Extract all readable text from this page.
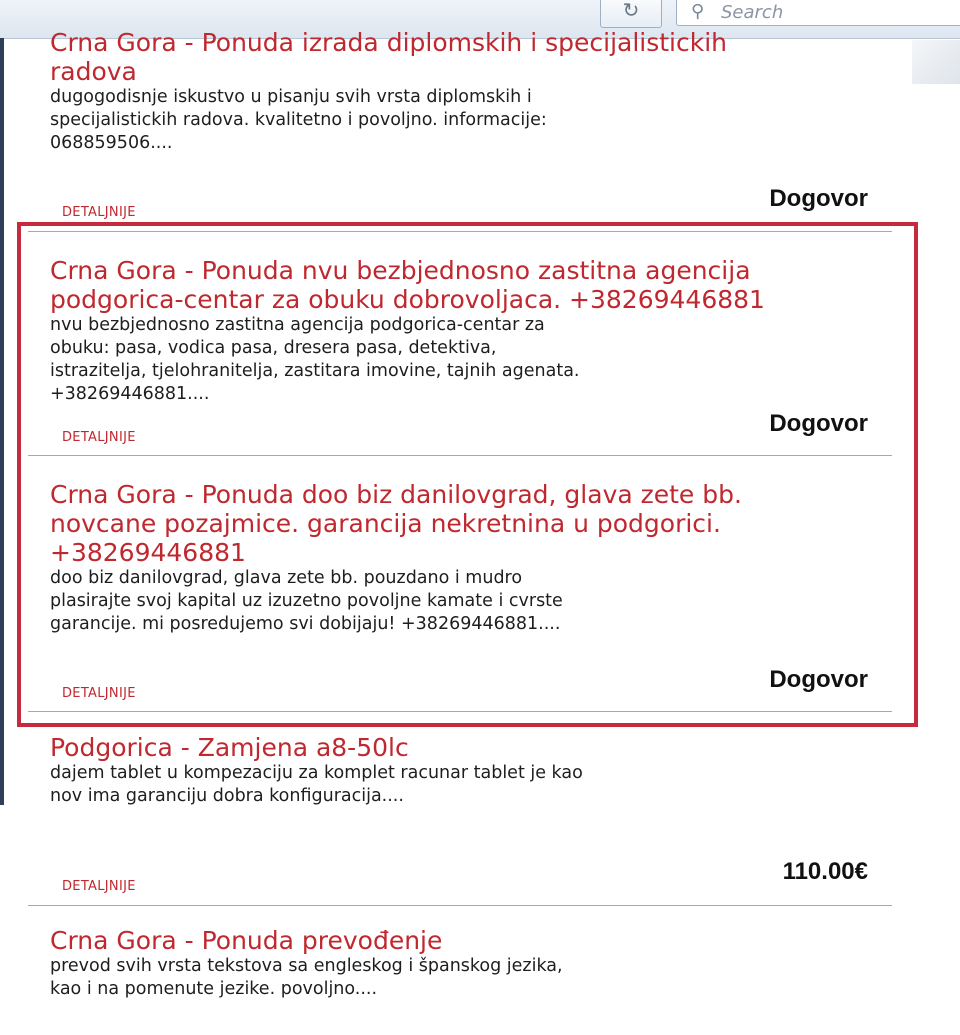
↻	⚲ Search

Crna Gora - Ponuda izrada diplomskih i specijalistickih radova

dugogodisnje iskustvo u pisanju svih vrsta diplomskih i specijalistickih radova. kvalitetno i povoljno. informacije: 068859506....

DETALJNIJE
Dogovor

Crna Gora - Ponuda nvu bezbjednosno zastitna agencija podgorica-centar za obuku dobrovoljaca. +38269446881

nvu bezbjednosno zastitna agencija podgorica-centar za obuku: pasa, vodica pasa, dresera pasa, detektiva, istrazitelja, tjelohranitelja, zastitara imovine, tajnih agenata. +38269446881....

DETALJNIJE
Dogovor

Crna Gora - Ponuda doo biz danilovgrad, glava zete bb. novcane pozajmice. garancija nekretnina u podgorici. +38269446881

doo biz danilovgrad, glava zete bb. pouzdano i mudro plasirajte svoj kapital uz izuzetno povoljne kamate i cvrste garancije. mi posredujemo svi dobijaju! +38269446881....

DETALJNIJE
Dogovor

Podgorica - Zamjena a8-50lc

dajem tablet u kompezaciju za komplet racunar tablet je kao nov ima garanciju dobra konfiguracija....

DETALJNIJE
110.00€

Crna Gora - Ponuda prevođenje

prevod svih vrsta tekstova sa engleskog i španskog jezika, kao i na pomenute jezike. povoljno....
